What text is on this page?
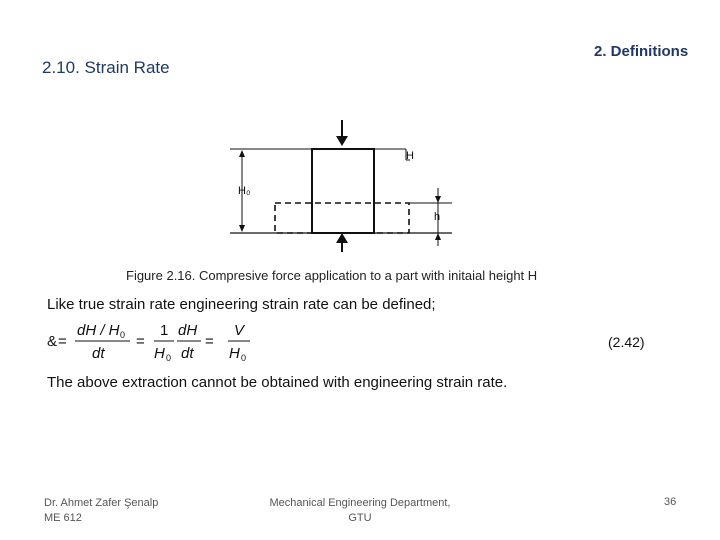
2.10. Strain Rate
2. Definitions
H₀
H
h
Figure 2.16. Compresive force application to a part with initaial height H
Like true strain rate engineering strain rate can be defined;
& =
dH / H 0
dt
=
1
H 0
dH
dt
=
V
H 0
(2.42)
The above extraction cannot be obtained with engineering strain rate.
Dr. Ahmet Zafer Şenalp
ME 612
Mechanical Engineering Department,
GTU
36
